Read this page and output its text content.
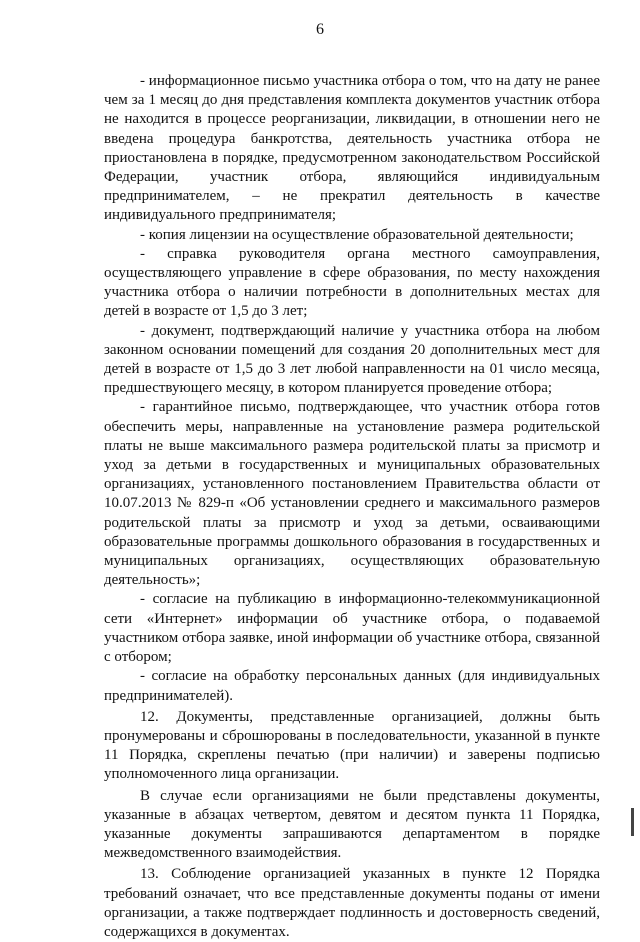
6

- информационное письмо участника отбора о том, что на дату не ранее чем за 1 месяц до дня представления комплекта документов участник отбора не находится в процессе реорганизации, ликвидации, в отношении него не введена процедура банкротства, деятельность участника отбора не приостановлена в порядке, предусмотренном законодательством Российской Федерации, участник отбора, являющийся индивидуальным предпринимателем, – не прекратил деятельность в качестве индивидуального предпринимателя;

- копия лицензии на осуществление образовательной деятельности;

- справка руководителя органа местного самоуправления, осуществляющего управление в сфере образования, по месту нахождения участника отбора о наличии потребности в дополнительных местах для детей в возрасте от 1,5 до 3 лет;

- документ, подтверждающий наличие у участника отбора на любом законном основании помещений для создания 20 дополнительных мест для детей в возрасте от 1,5 до 3 лет любой направленности на 01 число месяца, предшествующего месяцу, в котором планируется проведение отбора;

- гарантийное письмо, подтверждающее, что участник отбора готов обеспечить меры, направленные на установление размера родительской платы не выше максимального размера родительской платы за присмотр и уход за детьми в государственных и муниципальных образовательных организациях, установленного постановлением Правительства области от 10.07.2013 № 829-п «Об установлении среднего и максимального размеров родительской платы за присмотр и уход за детьми, осваивающими образовательные программы дошкольного образования в государственных и муниципальных организациях, осуществляющих образовательную деятельность»;

- согласие на публикацию в информационно-телекоммуникационной сети «Интернет» информации об участнике отбора, о подаваемой участником отбора заявке, иной информации об участнике отбора, связанной с отбором;

- согласие на обработку персональных данных (для индивидуальных предпринимателей).

12. Документы, представленные организацией, должны быть пронумерованы и сброшюрованы в последовательности, указанной в пункте 11 Порядка, скреплены печатью (при наличии) и заверены подписью уполномоченного лица организации.

В случае если организациями не были представлены документы, указанные в абзацах четвертом, девятом и десятом пункта 11 Порядка, указанные документы запрашиваются департаментом в порядке межведомственного взаимодействия.

13. Соблюдение организацией указанных в пункте 12 Порядка требований означает, что все представленные документы поданы от имени организации, а также подтверждает подлинность и достоверность сведений, содержащихся в документах.
